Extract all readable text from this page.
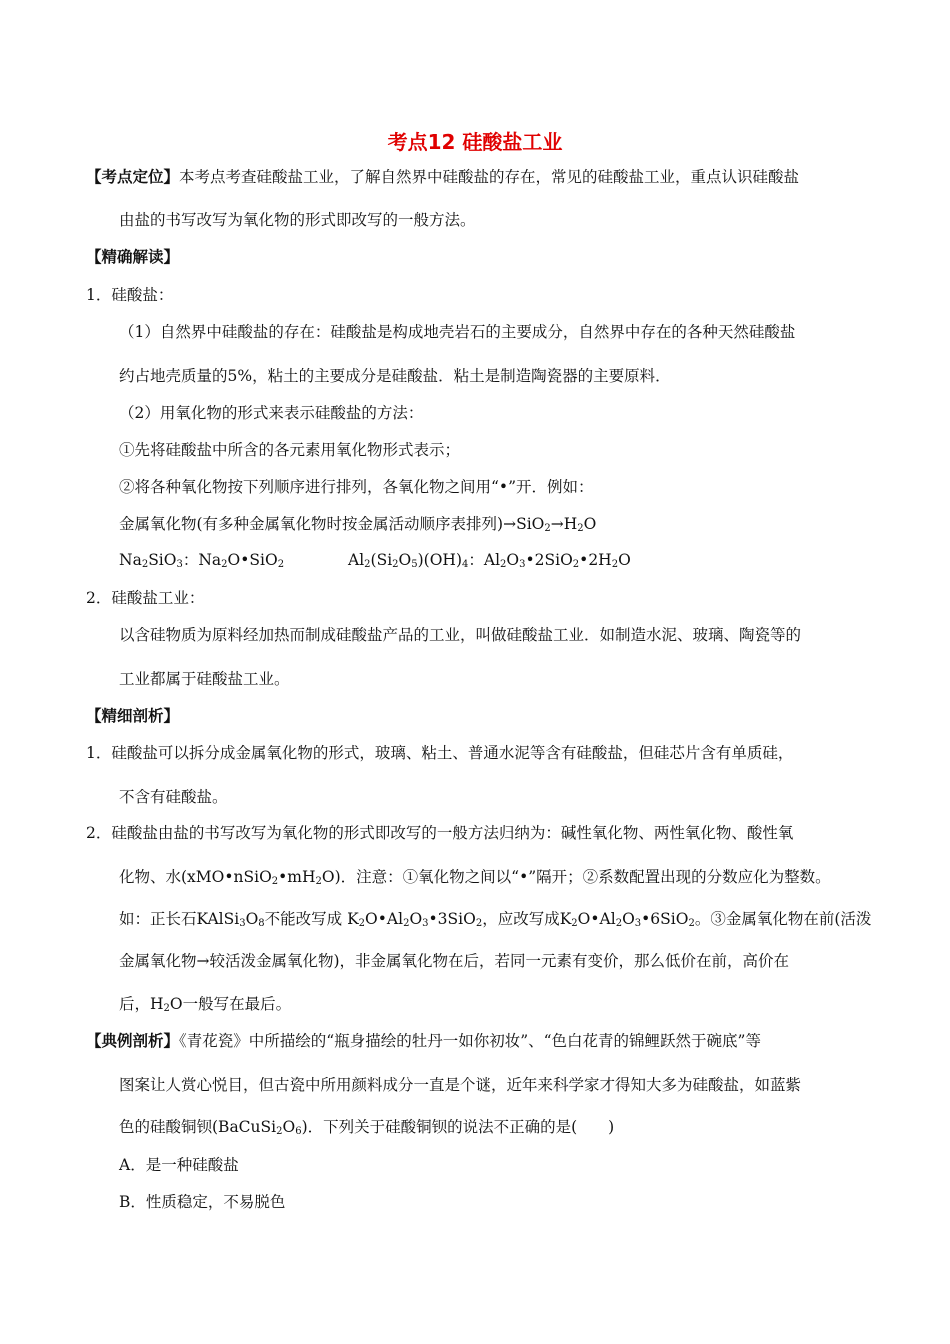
考点12 硅酸盐工业
【考点定位】本考点考查硅酸盐工业，了解自然界中硅酸盐的存在，常见的硅酸盐工业，重点认识硅酸盐
由盐的书写改写为氧化物的形式即改写的一般方法。
【精确解读】
1．硅酸盐：
（1）自然界中硅酸盐的存在：硅酸盐是构成地壳岩石的主要成分，自然界中存在的各种天然硅酸盐
约占地壳质量的5%，粘土的主要成分是硅酸盐．粘土是制造陶瓷器的主要原料．
（2）用氧化物的形式来表示硅酸盐的方法：
①先将硅酸盐中所含的各元素用氧化物形式表示；
②将各种氧化物按下列顺序进行排列，各氧化物之间用“•”开．例如：
金属氧化物(有多种金属氧化物时按金属活动顺序表排列)$\to SiO_2\to H_2O$
$Na_2SiO_3$：$Na_2O•SiO_2$	$Al_2(Si_2O_5)(OH)_4$：$Al_2O_3•2SiO_2•2H_2O$
2．硅酸盐工业：
以含硅物质为原料经加热而制成硅酸盐产品的工业，叫做硅酸盐工业．如制造水泥、玻璃、陶瓷等的
工业都属于硅酸盐工业。
【精细剖析】
1．硅酸盐可以拆分成金属氧化物的形式，玻璃、粘土、普通水泥等含有硅酸盐，但硅芯片含有单质硅，
不含有硅酸盐。
2．硅酸盐由盐的书写改写为氧化物的形式即改写的一般方法归纳为：碱性氧化物、两性氧化物、酸性氧
化物、水$(xMO•nSiO_2•mH_2O)$．注意：①氧化物之间以“•”隔开；②系数配置出现的分数应化为整数。
如：正长石$KAlSi_3O_8$不能改写成 $K_2O•Al_2O_3•3SiO_2$，应改写成$K_2O•Al_2O_3•6SiO_2$。③金属氧化物在前(活泼
金属氧化物→较活泼金属氧化物)，非金属氧化物在后，若同一元素有变价，那么低价在前，高价在
后，$H_2O$一般写在最后。
【典例剖析】《青花瓷》中所描绘的“瓶身描绘的牡丹一如你初妆”、“色白花青的锦鲤跃然于碗底”等
图案让人赏心悦目，但古瓷中所用颜料成分一直是个谜，近年来科学家才得知大多为硅酸盐，如蓝紫
色的硅酸铜钡$(BaCuSi_2O_6)$．下列关于硅酸铜钡的说法不正确的是(　　)
A．是一种硅酸盐
B．性质稳定，不易脱色
